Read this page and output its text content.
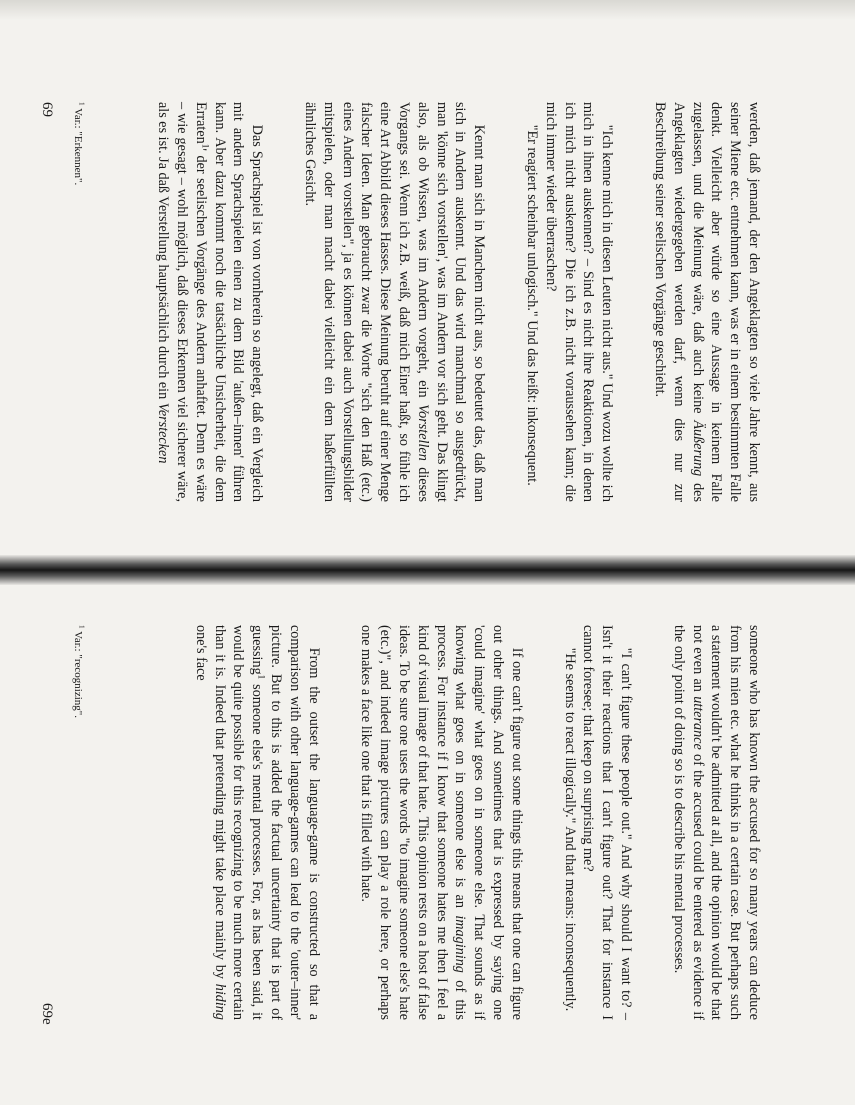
werden, daß jemand, der den Angeklagten so viele Jahre kennt, aus seiner Miene etc. entnehmen kann, was er in einem bestimmten Falle denkt. Vielleicht aber würde so eine Aussage in keinem Falle zugelassen, und die Meinung wäre, daß auch keine Äußerung des Angeklagten wiedergegeben werden darf, wenn dies nur zur Beschreibung seiner seelischen Vorgänge geschieht.

"Ich kenne mich in diesen Leuten nicht aus." Und wozu wollte ich mich in ihnen auskennen? – Sind es nicht ihre Reaktionen, in denen ich mich nicht auskenne? Die ich z.B. nicht voraussehen kann; die mich immer wieder überraschen?

"Er reagiert scheinbar unlogisch." Und das heißt: inkonsequent.

Kennt man sich in Manchem nicht aus, so bedeutet das, daß man sich in Andern auskennt. Und das wird manchmal so ausgedrückt, man 'könne sich vorstellen', was im Andern vor sich geht. Das klingt also, als ob Wissen, was im Andern vorgeht, ein Vorstellen dieses Vorgangs sei. Wenn ich z.B. weiß, daß mich Einer haßt, so fühle ich eine Art Abbild dieses Hasses. Diese Meinung beruht auf einer Menge falscher Ideen. Man gebraucht zwar die Worte "sich den Haß (etc.) eines Andern vorstellen", ja es können dabei auch Vorstellungsbilder mitspielen, oder man macht dabei vielleicht ein dem haßerfüllten ähnliches Gesicht.

Das Sprachspiel ist von vornherein so angelegt, daß ein Vergleich mit andern Sprachspielen einen zu dem Bild 'außen–innen' führen kann. Aber dazu kommt noch die tatsächliche Unsicherheit, die dem Erraten$^1$' der seelischen Vorgänge des Andern anhaftet. Denn es wäre – wie gesagt – wohl möglich, daß dieses Erkennen viel sicherer wäre, als es ist. Ja daß Verstellung hauptsächlich durch ein Verstecken

$^1$ Var.: "Erkennen".
69

someone who has known the accused for so many years can deduce from his mien etc. what he thinks in a certain case. But perhaps such a statement wouldn't be admitted at all, and the opinion would be that not even an utterance of the accused could be entered as evidence if the only point of doing so is to describe his mental processes.

"I can't figure these people out." And why should I want to? – Isn't it their reactions that I can't figure out? That for instance I cannot foresee; that keep on surprising me?

"He seems to react illogically." And that means: inconsequently.

If one can't figure out some things this means that one can figure out other things. And sometimes that is expressed by saying one 'could imagine' what goes on in someone else. That sounds as if knowing what goes on in someone else is an imagining of this process. For instance if I know that someone hates me then I feel a kind of visual image of that hate. This opinion rests on a host of false ideas. To be sure one uses the words "to imagine someone else's hate (etc.)", and indeed image pictures can play a role here, or perhaps one makes a face like one that is filled with hate.

From the outset the language-game is constructed so that a comparison with other language-games can lead to the 'outer–inner' picture. But to this is added the factual uncertainty that is part of guessing$^1$ someone else's mental processes. For, as has been said, it would be quite possible for this recognizing to be much more certain than it is. Indeed that pretending might take place mainly by hiding one's face

$^1$ Var.: "recognizing".
69e
